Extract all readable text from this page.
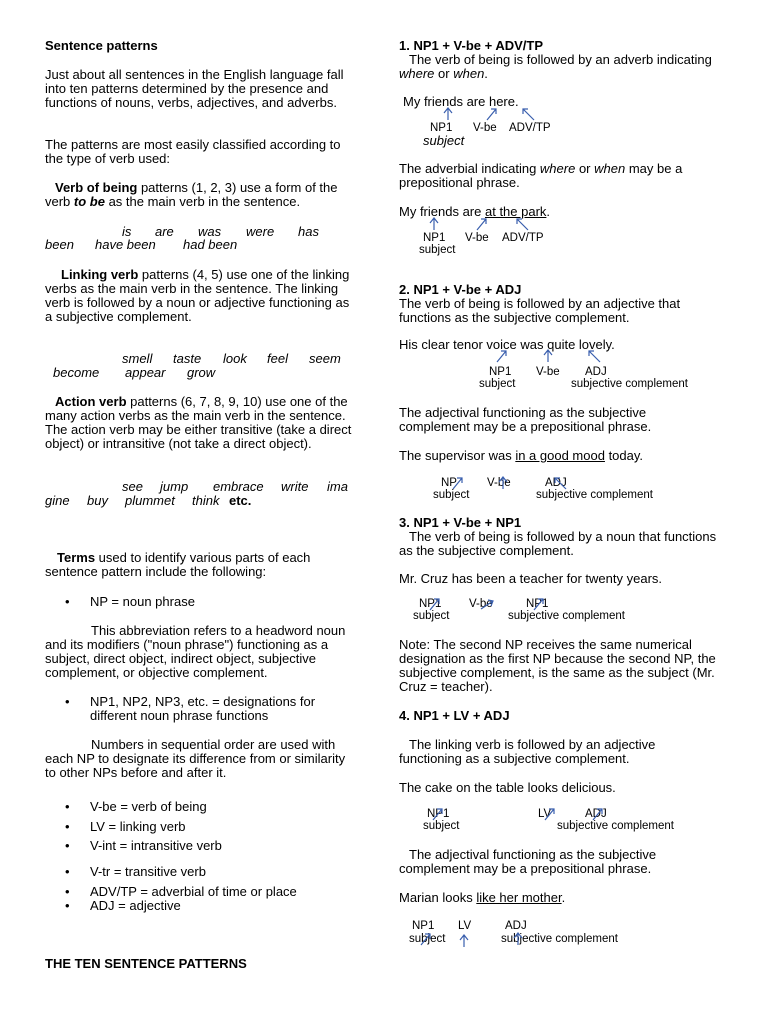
Sentence patterns

Just about all sentences in the English language fall into ten patterns determined by the presence and functions of nouns, verbs, adjectives, and adverbs.

The patterns are most easily classified according to the type of verb used:

Verb of being patterns (1, 2, 3) use a form of the verb to be as the main verb in the sentence.

is are was were has
been have been had been

Linking verb patterns (4, 5) use one of the linking verbs as the main verb in the sentence. The linking verb is followed by a noun or adjective functioning as a subjective complement.

smell taste look feel seem
become appear grow

Action verb patterns (6, 7, 8, 9, 10) use one of the many action verbs as the main verb in the sentence. The action verb may be either transitive (take a direct object) or intransitive (not take a direct object).

see jump embrace write ima
gine buy plummet think etc.

Terms used to identify various parts of each sentence pattern include the following:

• NP = noun phrase

This abbreviation refers to a headword noun and its modifiers ("noun phrase") functioning as a subject, direct object, indirect object, subjective complement, or objective complement.

• NP1, NP2, NP3, etc. = designations for different noun phrase functions

Numbers in sequential order are used with each NP to designate its difference from or similarity to other NPs before and after it.

• V-be = verb of being
• LV = linking verb
• V-int = intransitive verb
• V-tr = transitive verb
• ADV/TP = adverbial of time or place
• ADJ = adjective

THE TEN SENTENCE PATTERNS

1. NP1 + V-be + ADV/TP

The verb of being is followed by an adverb indicating where or when.

My friends are here.

NP1 V-be ADV/TP
subject

The adverbial indicating where or when may be a prepositional phrase.

My friends are at the park.

NP1 V-be ADV/TP
subject

2. NP1 + V-be + ADJ

The verb of being is followed by an adjective that functions as the subjective complement.

His clear tenor voice was quite lovely.

NP1 V-be ADJ
subject	subjective complement

The adjectival functioning as the subjective complement may be a prepositional phrase.

The supervisor was in a good mood today.

NP	V-be	ADJ
subject	subjective complement

3. NP1 + V-be + NP1

The verb of being is followed by a noun that functions as the subjective complement.

Mr. Cruz has been a teacher for twenty years.

NP1 V-be	NP1
subject	subjective complement

Note: The second NP receives the same numerical designation as the first NP because the second NP, the subjective complement, is the same as the subject (Mr. Cruz = teacher).

4. NP1 + LV + ADJ

The linking verb is followed by an adjective functioning as a subjective complement.

The cake on the table looks delicious.

NP1	LV	ADJ
subject	subjective complement

The adjectival functioning as the subjective complement may be a prepositional phrase.

Marian looks like her mother.

NP1 LV	ADJ
subject	subjective complement
